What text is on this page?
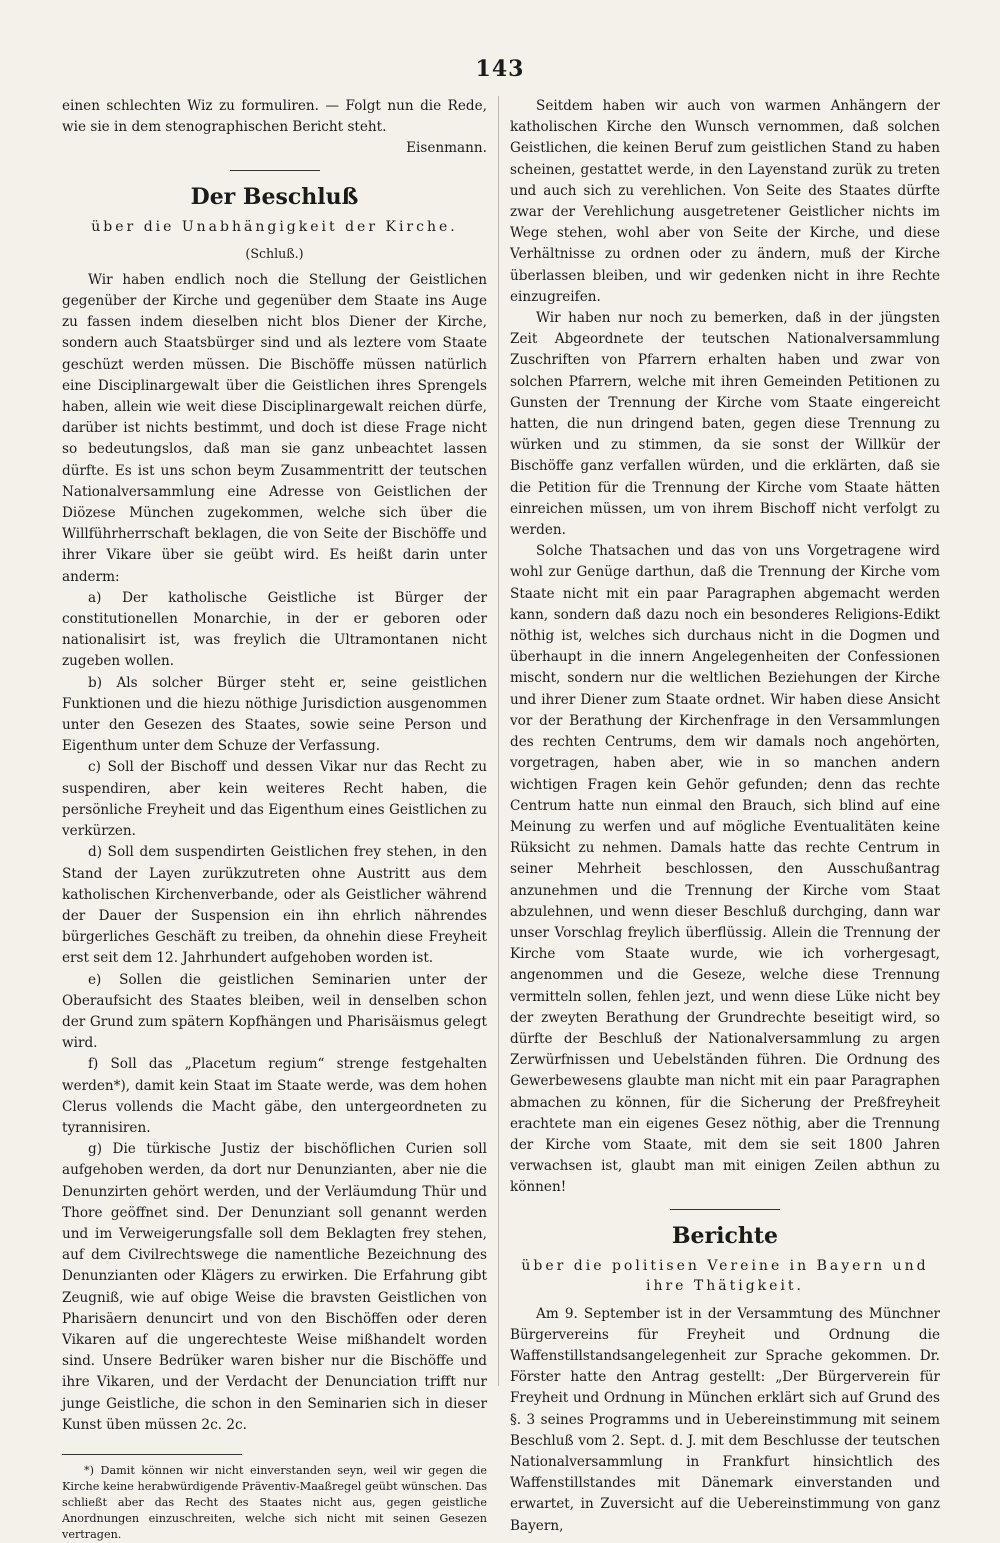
143

einen schlechten Wiz zu formuliren. — Folgt nun die Rede, wie sie in dem stenographischen Bericht steht.

Eisenmann.

Der Beschluß

über die Unabhängigkeit der Kirche.

(Schluß.)

Wir haben endlich noch die Stellung der Geistlichen gegenüber der Kirche und gegenüber dem Staate ins Auge zu fassen indem dieselben nicht blos Diener der Kirche, sondern auch Staatsbürger sind und als leztere vom Staate geschüzt werden müssen. Die Bischöffe müssen natürlich eine Disciplinargewalt über die Geistlichen ihres Sprengels haben, allein wie weit diese Disciplinargewalt reichen dürfe, darüber ist nichts bestimmt, und doch ist diese Frage nicht so bedeutungslos, daß man sie ganz unbeachtet lassen dürfte. Es ist uns schon beym Zusammentritt der teutschen Nationalversammlung eine Adresse von Geistlichen der Diözese München zugekommen, welche sich über die Willführherrschaft beklagen, die von Seite der Bischöffe und ihrer Vikare über sie geübt wird. Es heißt darin unter anderm:

a) Der katholische Geistliche ist Bürger der constitutionellen Monarchie, in der er geboren oder nationalisirt ist, was freylich die Ultramontanen nicht zugeben wollen.

b) Als solcher Bürger steht er, seine geistlichen Funktionen und die hiezu nöthige Jurisdiction ausgenommen unter den Gesezen des Staates, sowie seine Person und Eigenthum unter dem Schuze der Verfassung.

c) Soll der Bischoff und dessen Vikar nur das Recht zu suspendiren, aber kein weiteres Recht haben, die persönliche Freyheit und das Eigenthum eines Geistlichen zu verkürzen.

d) Soll dem suspendirten Geistlichen frey stehen, in den Stand der Layen zurükzutreten ohne Austritt aus dem katholischen Kirchenverbande, oder als Geistlicher während der Dauer der Suspension ein ihn ehrlich nährendes bürgerliches Geschäft zu treiben, da ohnehin diese Freyheit erst seit dem 12. Jahrhundert aufgehoben worden ist.

e) Sollen die geistlichen Seminarien unter der Oberaufsicht des Staates bleiben, weil in denselben schon der Grund zum spätern Kopfhängen und Pharisäismus gelegt wird.

f) Soll das „Placetum regium“ strenge festgehalten werden*), damit kein Staat im Staate werde, was dem hohen Clerus vollends die Macht gäbe, den untergeordneten zu tyrannisiren.

g) Die türkische Justiz der bischöflichen Curien soll aufgehoben werden, da dort nur Denunzianten, aber nie die Denunzirten gehört werden, und der Verläumdung Thür und Thore geöffnet sind. Der Denunziant soll genannt werden und im Verweigerungsfalle soll dem Beklagten frey stehen, auf dem Civilrechtswege die namentliche Bezeichnung des Denunzianten oder Klägers zu erwirken. Die Erfahrung gibt Zeugniß, wie auf obige Weise die bravsten Geistlichen von Pharisäern denuncirt und von den Bischöffen oder deren Vikaren auf die ungerechteste Weise mißhandelt worden sind. Unsere Bedrüker waren bisher nur die Bischöffe und ihre Vikaren, und der Verdacht der Denunciation trifft nur junge Geistliche, die schon in den Seminarien sich in dieser Kunst üben müssen 2c. 2c.

*) Damit können wir nicht einverstanden seyn, weil wir gegen die Kirche keine herabwürdigende Präventiv-Maaßregel geübt wünschen. Das schließt aber das Recht des Staates nicht aus, gegen geistliche Anordnungen einzuschreiten, welche sich nicht mit seinen Gesezen vertragen.

Seitdem haben wir auch von warmen Anhängern der katholischen Kirche den Wunsch vernommen, daß solchen Geistlichen, die keinen Beruf zum geistlichen Stand zu haben scheinen, gestattet werde, in den Layenstand zurük zu treten und auch sich zu verehlichen. Von Seite des Staates dürfte zwar der Verehlichung ausgetretener Geistlicher nichts im Wege stehen, wohl aber von Seite der Kirche, und diese Verhältnisse zu ordnen oder zu ändern, muß der Kirche überlassen bleiben, und wir gedenken nicht in ihre Rechte einzugreifen.

Wir haben nur noch zu bemerken, daß in der jüngsten Zeit Abgeordnete der teutschen Nationalversammlung Zuschriften von Pfarrern erhalten haben und zwar von solchen Pfarrern, welche mit ihren Gemeinden Petitionen zu Gunsten der Trennung der Kirche vom Staate eingereicht hatten, die nun dringend baten, gegen diese Trennung zu würken und zu stimmen, da sie sonst der Willkür der Bischöffe ganz verfallen würden, und die erklärten, daß sie die Petition für die Trennung der Kirche vom Staate hätten einreichen müssen, um von ihrem Bischoff nicht verfolgt zu werden.

Solche Thatsachen und das von uns Vorgetragene wird wohl zur Genüge darthun, daß die Trennung der Kirche vom Staate nicht mit ein paar Paragraphen abgemacht werden kann, sondern daß dazu noch ein besonderes Religions-Edikt nöthig ist, welches sich durchaus nicht in die Dogmen und überhaupt in die innern Angelegenheiten der Confessionen mischt, sondern nur die weltlichen Beziehungen der Kirche und ihrer Diener zum Staate ordnet. Wir haben diese Ansicht vor der Berathung der Kirchenfrage in den Versammlungen des rechten Centrums, dem wir damals noch angehörten, vorgetragen, haben aber, wie in so manchen andern wichtigen Fragen kein Gehör gefunden; denn das rechte Centrum hatte nun einmal den Brauch, sich blind auf eine Meinung zu werfen und auf mögliche Eventualitäten keine Rüksicht zu nehmen. Damals hatte das rechte Centrum in seiner Mehrheit beschlossen, den Ausschußantrag anzunehmen und die Trennung der Kirche vom Staat abzulehnen, und wenn dieser Beschluß durchging, dann war unser Vorschlag freylich überflüssig. Allein die Trennung der Kirche vom Staate wurde, wie ich vorhergesagt, angenommen und die Geseze, welche diese Trennung vermitteln sollen, fehlen jezt, und wenn diese Lüke nicht bey der zweyten Berathung der Grundrechte beseitigt wird, so dürfte der Beschluß der Nationalversammlung zu argen Zerwürfnissen und Uebelständen führen. Die Ordnung des Gewerbewesens glaubte man nicht mit ein paar Paragraphen abmachen zu können, für die Sicherung der Preßfreyheit erachtete man ein eigenes Gesez nöthig, aber die Trennung der Kirche vom Staate, mit dem sie seit 1800 Jahren verwachsen ist, glaubt man mit einigen Zeilen abthun zu können!

Berichte

über die politisen Vereine in Bayern und ihre Thätigkeit.

Am 9. September ist in der Versammtung des Münchner Bürgervereins für Freyheit und Ordnung die Waffenstillstandsangelegenheit zur Sprache gekommen. Dr. Förster hatte den Antrag gestellt: „Der Bürgerverein für Freyheit und Ordnung in München erklärt sich auf Grund des §. 3 seines Programms und in Uebereinstimmung mit seinem Beschluß vom 2. Sept. d. J. mit dem Beschlusse der teutschen Nationalversammlung in Frankfurt hinsichtlich des Waffenstillstandes mit Dänemark einverstanden und erwartet, in Zuversicht auf die Uebereinstimmung von ganz Bayern,
